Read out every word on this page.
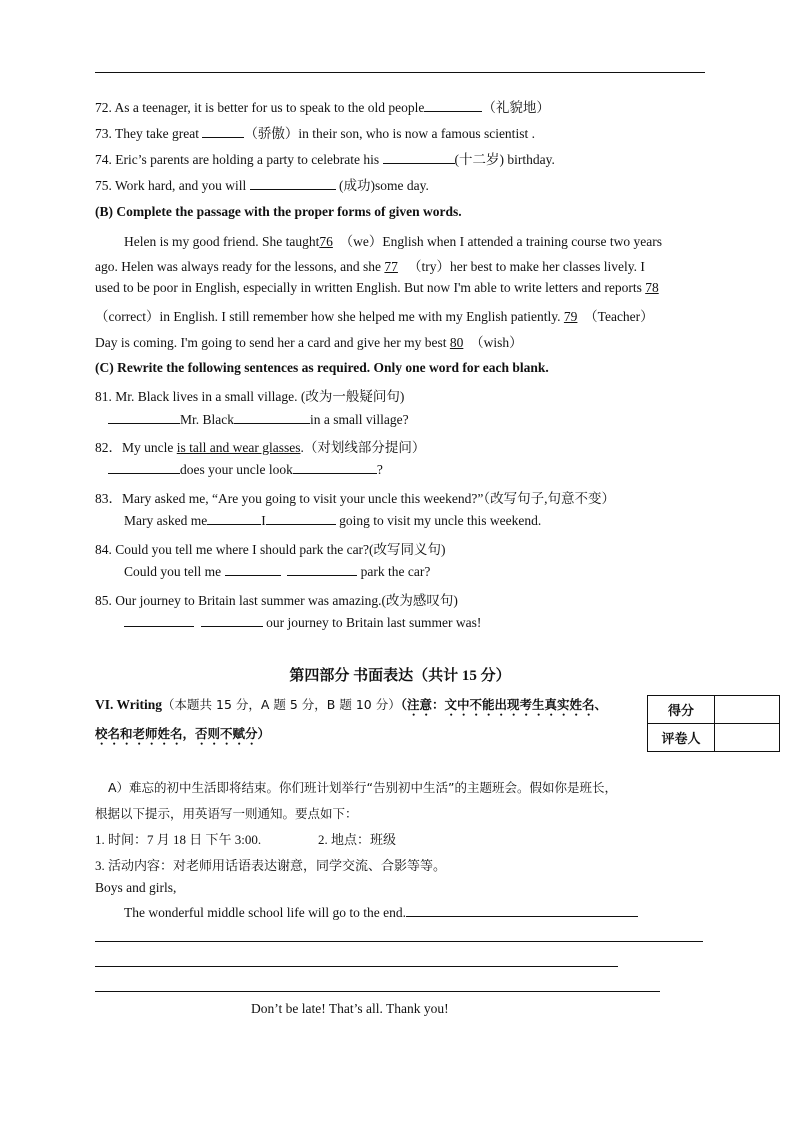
72. As a teenager, it is better for us to speak to the old people	（礼貌地）
73. They take great	（骄傲）in their son, who is now a famous scientist .
74. Eric’s parents are holding a party to celebrate his	(十二岁) birthday.
75. Work hard, and you will	(成功)some day.
(B) Complete the passage with the proper forms of given words.
Helen is my good friend. She taught76 （we）English when I attended a training course two years
ago. Helen was always ready for the lessons, and she 77   （try）her best to make her classes lively. I
used to be poor in English, especially in written English. But now I'm able to write letters and reports 78
（correct）in English. I still remember how she helped me with my English patiently. 79 （Teacher）
Day is coming. I'm going to send her a card and give her my best 80 （wish）
(C) Rewrite the following sentences as required. Only one word for each blank.
81. Mr. Black lives in a small village. (改为一般疑问句)
Mr. Black	in a small village?
82．My uncle is tall and wear glasses.（对划线部分提问）
does your uncle look	?
83．Mary asked me, “Are you going to visit your uncle this weekend?”（改写句子,句意不变）
Mary asked me	I	going to visit my uncle this weekend.
84. Could you tell me where I should park the car?(改写同义句)
Could you tell me	park the car?
85. Our journey to Britain last summer was amazing.(改为感叹句)
our journey to Britain last summer was!
第四部分 书面表达（共计 15 分）
VI. Writing（本题共 15 分，A 题 5 分，B 题 10 分）（注意：文中不能出现考生真实姓名、
校名和老师姓名，否则不赋分）
得分	
评卷人	
A）难忘的初中生活即将结束。你们班计划举行“告别初中生活”的主题班会。假如你是班长，
根据以下提示，用英语写一则通知。要点如下：
1. 时间：7 月 18 日 下午 3:00.	2. 地点：班级
3. 活动内容：对老师用话语表达谢意，同学交流、合影等等。
Boys and girls,
The wonderful middle school life will go to the end.
Don’t be late! That’s all. Thank you!
